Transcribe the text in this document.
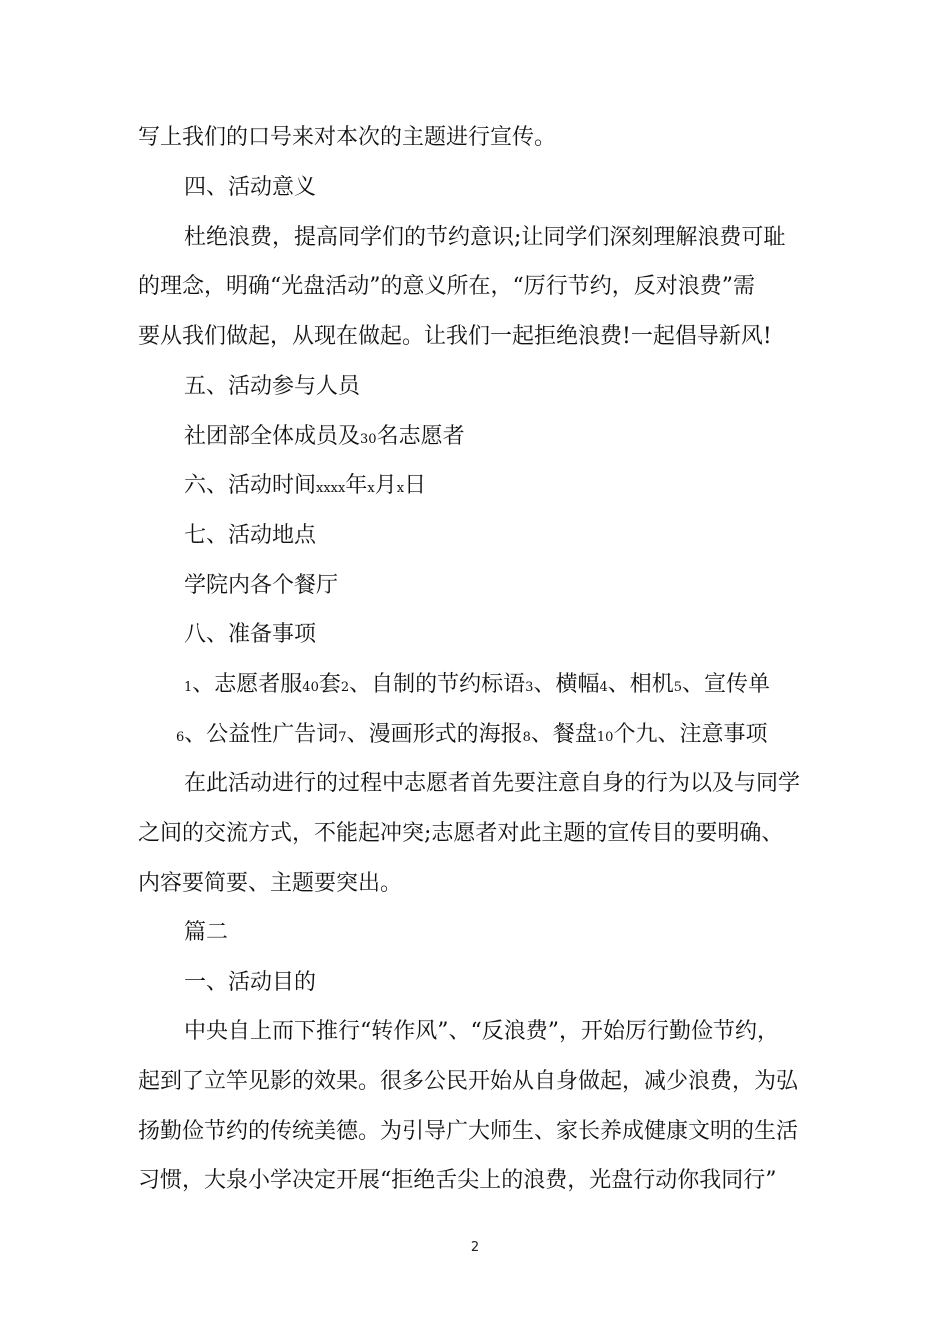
写上我们的口号来对本次的主题进行宣传。
四、活动意义
杜绝浪费，提高同学们的节约意识;让同学们深刻理解浪费可耻
的理念，明确“光盘活动”的意义所在，“厉行节约，反对浪费”需
要从我们做起，从现在做起。让我们一起拒绝浪费!一起倡导新风!
五、活动参与人员
社团部全体成员及30名志愿者
六、活动时间xxxx年x月x日
七、活动地点
学院内各个餐厅
八、准备事项
1、志愿者服40套2、自制的节约标语3、横幅4、相机5、宣传单
6、公益性广告词7、漫画形式的海报8、餐盘10个九、注意事项
在此活动进行的过程中志愿者首先要注意自身的行为以及与同学
之间的交流方式，不能起冲突;志愿者对此主题的宣传目的要明确、
内容要简要、主题要突出。
篇二
一、活动目的
中央自上而下推行“转作风”、“反浪费”，开始厉行勤俭节约，
起到了立竿见影的效果。很多公民开始从自身做起，减少浪费，为弘
扬勤俭节约的传统美德。为引导广大师生、家长养成健康文明的生活
习惯，大泉小学决定开展“拒绝舌尖上的浪费，光盘行动你我同行”
2
